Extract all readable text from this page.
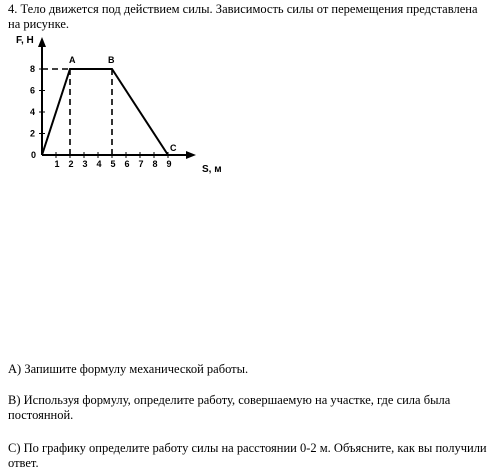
4. Тело движется под действием силы. Зависимость силы от перемещения представлена на рисунке.
1 2 3 4 5 6 7 8 9
2
4
6
8
0
F, Н
S, м
A	B
C
А) Запишите формулу механической работы.
В) Используя формулу, определите работу, совершаемую на участке, где сила была постоянной.
С) По графику определите работу силы на расстоянии 0-2 м. Объясните, как вы получили ответ.
